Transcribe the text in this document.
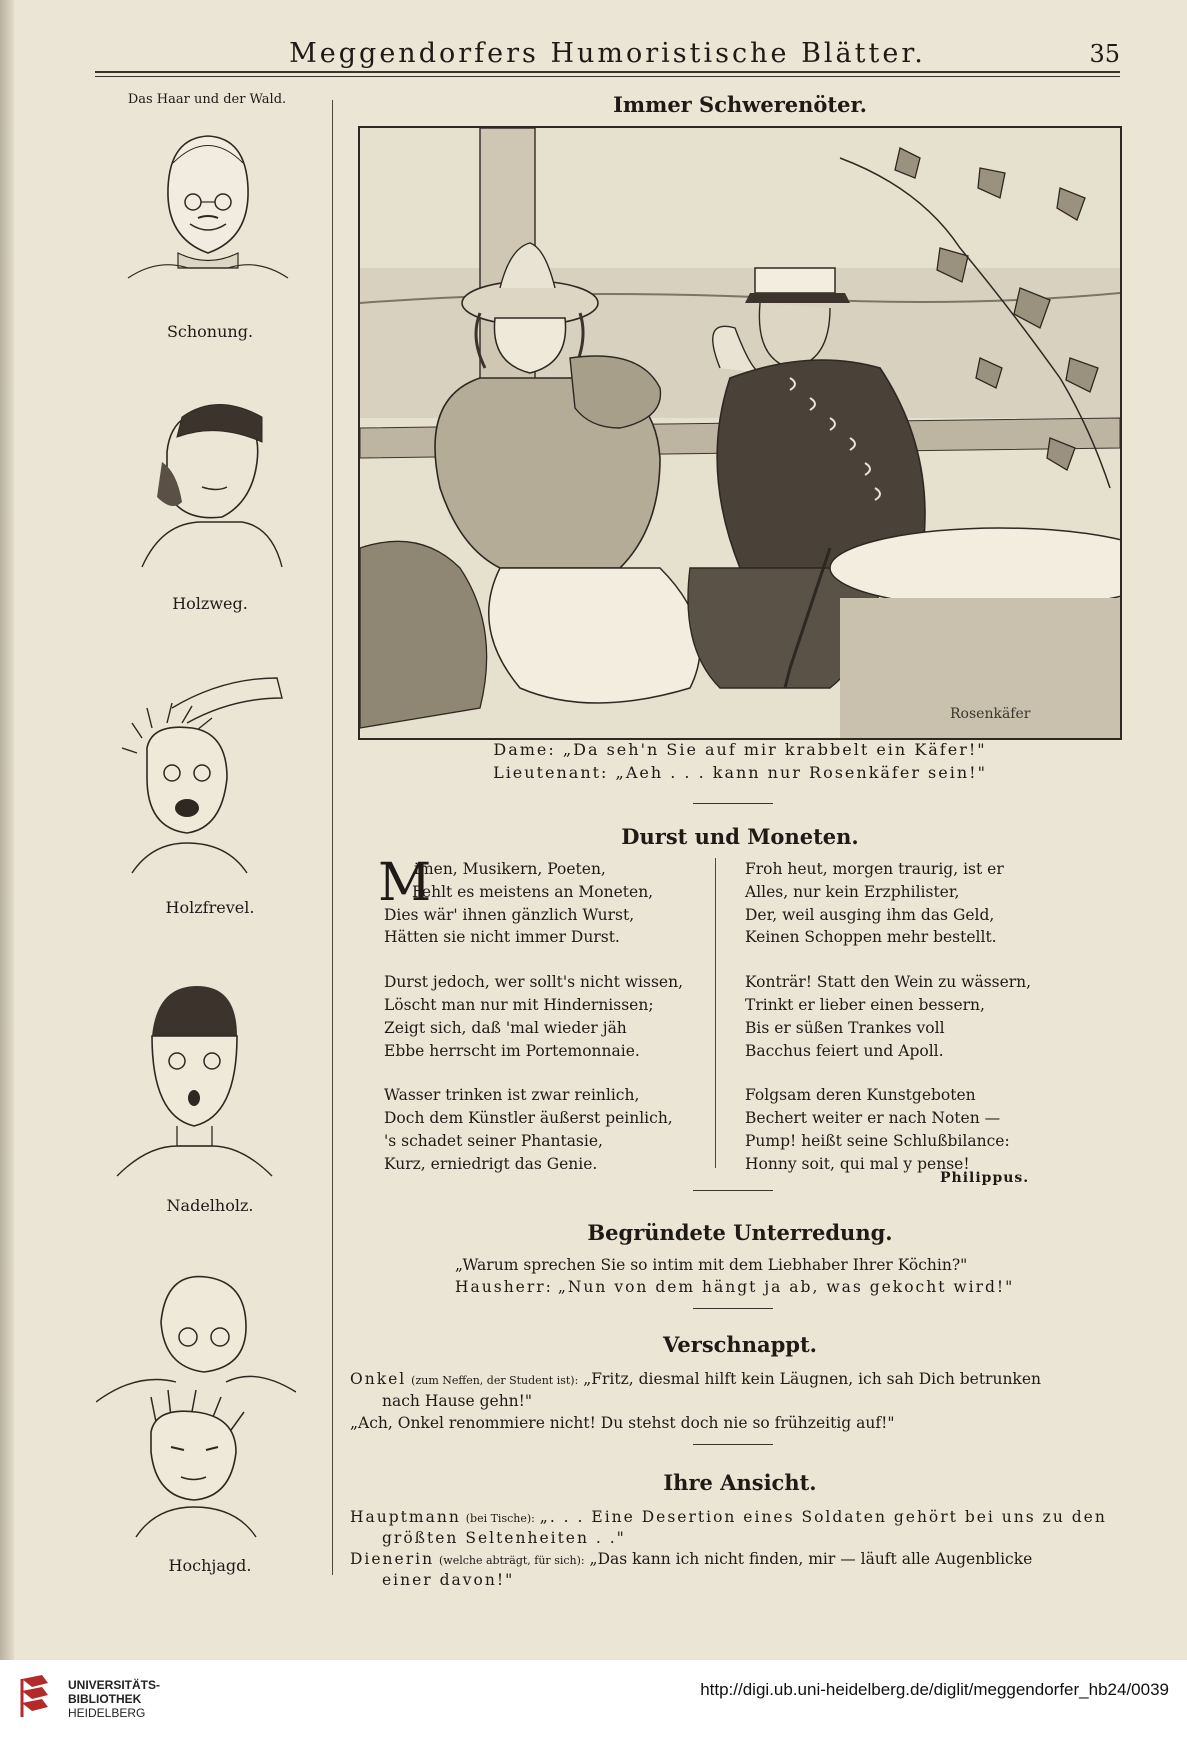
Meggendorfers Humoristische Blätter.	35
Das Haar und der Wald.
Schonung.
Holzweg.
Holzfrevel.
Nadelholz.
Hochjagd.
Immer Schwerenöter.
Rosenkäfer
Dame: „Da seh'n Sie auf mir krabbelt ein Käfer!"
Lieutenant: „Aeh . . . kann nur Rosenkäfer sein!"
Durst und Moneten.
M
imen, Musikern, Poeten,
Fehlt es meistens an Moneten,
Dies wär' ihnen gänzlich Wurst,
Hätten sie nicht immer Durst.
Durst jedoch, wer sollt's nicht wissen,
Löscht man nur mit Hindernissen;
Zeigt sich, daß 'mal wieder jäh
Ebbe herrscht im Portemonnaie.
Wasser trinken ist zwar reinlich,
Doch dem Künstler äußerst peinlich,
's schadet seiner Phantasie,
Kurz, erniedrigt das Genie.
Froh heut, morgen traurig, ist er
Alles, nur kein Erzphilister,
Der, weil ausging ihm das Geld,
Keinen Schoppen mehr bestellt.
Konträr! Statt den Wein zu wässern,
Trinkt er lieber einen bessern,
Bis er süßen Trankes voll
Bacchus feiert und Apoll.
Folgsam deren Kunstgeboten
Bechert weiter er nach Noten —
Pump! heißt seine Schlußbilance:
Honny soit, qui mal y pense!
Philippus.
Begründete Unterredung.
„Warum sprechen Sie so intim mit dem Liebhaber Ihrer Köchin?"
Hausherr: „Nun von dem hängt ja ab, was gekocht wird!"
Verschnappt.
Onkel (zum Neffen, der Student ist): „Fritz, diesmal hilft kein Läugnen, ich sah Dich betrunken
nach Hause gehn!"
„Ach, Onkel renommiere nicht! Du stehst doch nie so frühzeitig auf!"
Ihre Ansicht.
Hauptmann (bei Tische): „. . . Eine Desertion eines Soldaten gehört bei uns zu den
größten Seltenheiten . ."
Dienerin (welche abträgt, für sich): „Das kann ich nicht finden, mir — läuft alle Augenblicke
einer davon!"
UNIVERSITÄTS-
BIBLIOTHEK
HEIDELBERG
http://digi.ub.uni-heidelberg.de/diglit/meggendorfer_hb24/0039
